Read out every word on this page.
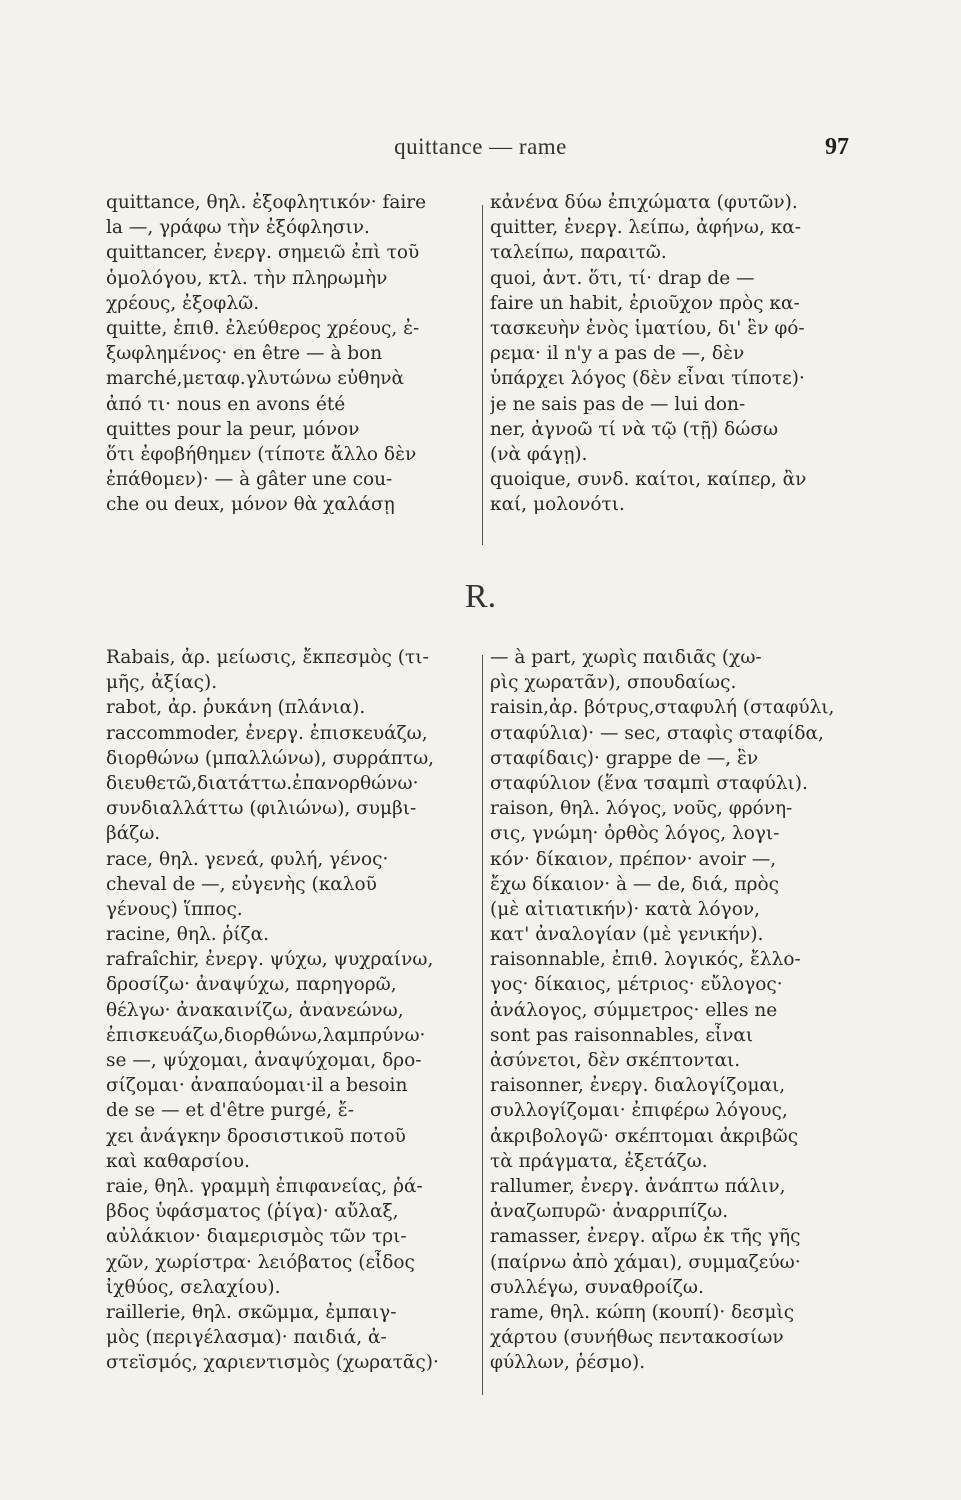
quittance — rame	97
quittance, θηλ. ἐξοφλητικόν· faire
la —, γράφω τὴν ἐξόφλησιν.
quittancer, ἐνεργ. σημειῶ ἐπὶ τοῦ
ὁμολόγου, κτλ. τὴν πληρωμὴν
χρέους, ἐξοφλῶ.
quitte, ἐπιθ. ἐλεύθερος χρέους, ἐ-
ξωφλημένος· en être — à bon
marché,μεταφ.γλυτώνω εὐθηνὰ
ἀπό τι· nous en avons été
quittes pour la peur, μόνον
ὅτι ἐφοβήθημεν (τίποτε ἄλλο δὲν
ἐπάθομεν)· — à gâter une cou-
che ou deux, μόνον θὰ χαλάσῃ
κἀνένα δύω ἐπιχώματα (φυτῶν).
quitter, ἐνεργ. λείπω, ἀφήνω, κα-
ταλείπω, παραιτῶ.
quoi, ἀντ. ὅτι, τί· drap de —
faire un habit, ἐριοῦχον πρὸς κα-
τασκευὴν ἑνὸς ἱματίου, δι' ἓν φό-
ρεμα· il n'y a pas de —, δὲν
ὑπάρχει λόγος (δὲν εἶναι τίποτε)·
je ne sais pas de — lui don-
ner, ἀγνοῶ τί νὰ τῷ (τῇ) δώσω
(νὰ φάγῃ).
quoique, συνδ. καίτοι, καίπερ, ἂν
καί, μολονότι.
R.
Rabais, ἀρ. μείωσις, ἔκπεσμὸς (τι-
μῆς, ἀξίας).
rabot, ἀρ. ῥυκάνη (πλάνια).
raccommoder, ἐνεργ. ἐπισκευάζω,
διορθώνω (μπαλλώνω), συρράπτω,
διευθετῶ,διατάττω.ἐπανορθώνω·
συνδιαλλάττω (φιλιώνω), συμβι-
βάζω.
race, θηλ. γενεά, φυλή, γένος·
cheval de —, εὐγενὴς (καλοῦ
γένους) ἵππος.
racine, θηλ. ῥίζα.
rafraîchir, ἐνεργ. ψύχω, ψυχραίνω,
δροσίζω· ἀναψύχω, παρηγορῶ,
θέλγω· ἀνακαινίζω, ἀνανεώνω,
ἐπισκευάζω,διορθώνω,λαμπρύνω·
se —, ψύχομαι, ἀναψύχομαι, δρο-
σίζομαι· ἀναπαύομαι·il a besoin
de se — et d'être purgé, ἔ-
χει ἀνάγκην δροσιστικοῦ ποτοῦ
καὶ καθαρσίου.
raie, θηλ. γραμμὴ ἐπιφανείας, ῥά-
βδος ὑφάσματος (ῥίγα)· αὔλαξ,
αὐλάκιον· διαμερισμὸς τῶν τρι-
χῶν, χωρίστρα· λειόβατος (εἶδος
ἰχθύος, σελαχίου).
raillerie, θηλ. σκῶμμα, ἐμπαιγ-
μὸς (περιγέλασμα)· παιδιά, ἀ-
στεϊσμός, χαριεντισμὸς (χωρατᾶς)·
— à part, χωρὶς παιδιᾶς (χω-
ρὶς χωρατᾶν), σπουδαίως.
raisin,ἀρ. βότρυς,σταφυλή (σταφύλι,
σταφύλια)· — sec, σταφὶς σταφίδα,
σταφίδαις)· grappe de —, ἓν
σταφύλιον (ἕνα τσαμπὶ σταφύλι).
raison, θηλ. λόγος, νοῦς, φρόνη-
σις, γνώμη· ὀρθὸς λόγος, λογι-
κόν· δίκαιον, πρέπον· avoir —,
ἔχω δίκαιον· à — de, διά, πρὸς
(μὲ αἰτιατικήν)· κατὰ λόγον,
κατ' ἀναλογίαν (μὲ γενικήν).
raisonnable, ἐπιθ. λογικός, ἔλλο-
γος· δίκαιος, μέτριος· εὔλογος·
ἀνάλογος, σύμμετρος· elles ne
sont pas raisonnables, εἶναι
ἀσύνετοι, δὲν σκέπτονται.
raisonner, ἐνεργ. διαλογίζομαι,
συλλογίζομαι· ἐπιφέρω λόγους,
ἀκριβολογῶ· σκέπτομαι ἀκριβῶς
τὰ πράγματα, ἐξετάζω.
rallumer, ἐνεργ. ἀνάπτω πάλιν,
ἀναζωπυρῶ· ἀναρριπίζω.
ramasser, ἐνεργ. αἴρω ἐκ τῆς γῆς
(παίρνω ἀπὸ χάμαι), συμμαζεύω·
συλλέγω, συναθροίζω.
rame, θηλ. κώπη (κουπί)· δεσμὶς
χάρτου (συνήθως πεντακοσίων
φύλλων, ῥέσμο).
